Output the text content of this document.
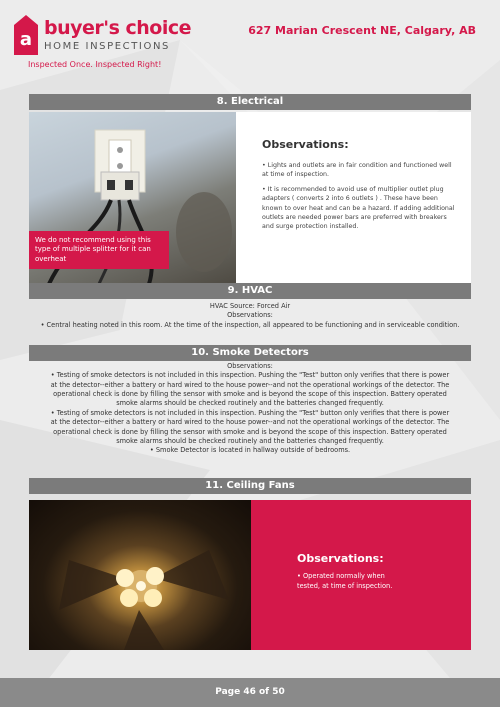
a
buyer's choice
HOME INSPECTIONS
Inspected Once. Inspected Right!
627 Marian Crescent NE, Calgary, AB
8. Electrical
We do not recommend using this type of multiple splitter for it can overheat
Observations:
• Lights and outlets are in fair condition and functioned well at time of inspection.
• It is recommended to avoid use of multiplier outlet plug adapters ( converts 2 into 6 outlets ) . These have been known to over heat and can be a hazard. If adding additional outlets are needed power bars are preferred with breakers and surge protection installed.
9. HVAC
HVAC Source: Forced Air
Observations:
• Central heating noted in this room. At the time of the inspection, all appeared to be functioning and in serviceable condition.
10. Smoke Detectors
Observations:
• Testing of smoke detectors is not included in this inspection. Pushing the "Test" button only verifies that there is power at the detector--either a battery or hard wired to the house power--and not the operational workings of the detector. The operational check is done by filling the sensor with smoke and is beyond the scope of this inspection. Battery operated smoke alarms should be checked routinely and the batteries changed frequently.
• Testing of smoke detectors is not included in this inspection. Pushing the "Test" button only verifies that there is power at the detector--either a battery or hard wired to the house power--and not the operational workings of the detector. The operational check is done by filling the sensor with smoke and is beyond the scope of this inspection. Battery operated smoke alarms should be checked routinely and the batteries changed frequently.
• Smoke Detector is located in hallway outside of bedrooms.
11. Ceiling Fans
Observations:
• Operated normally when tested, at time of inspection.
Page 46 of 50
